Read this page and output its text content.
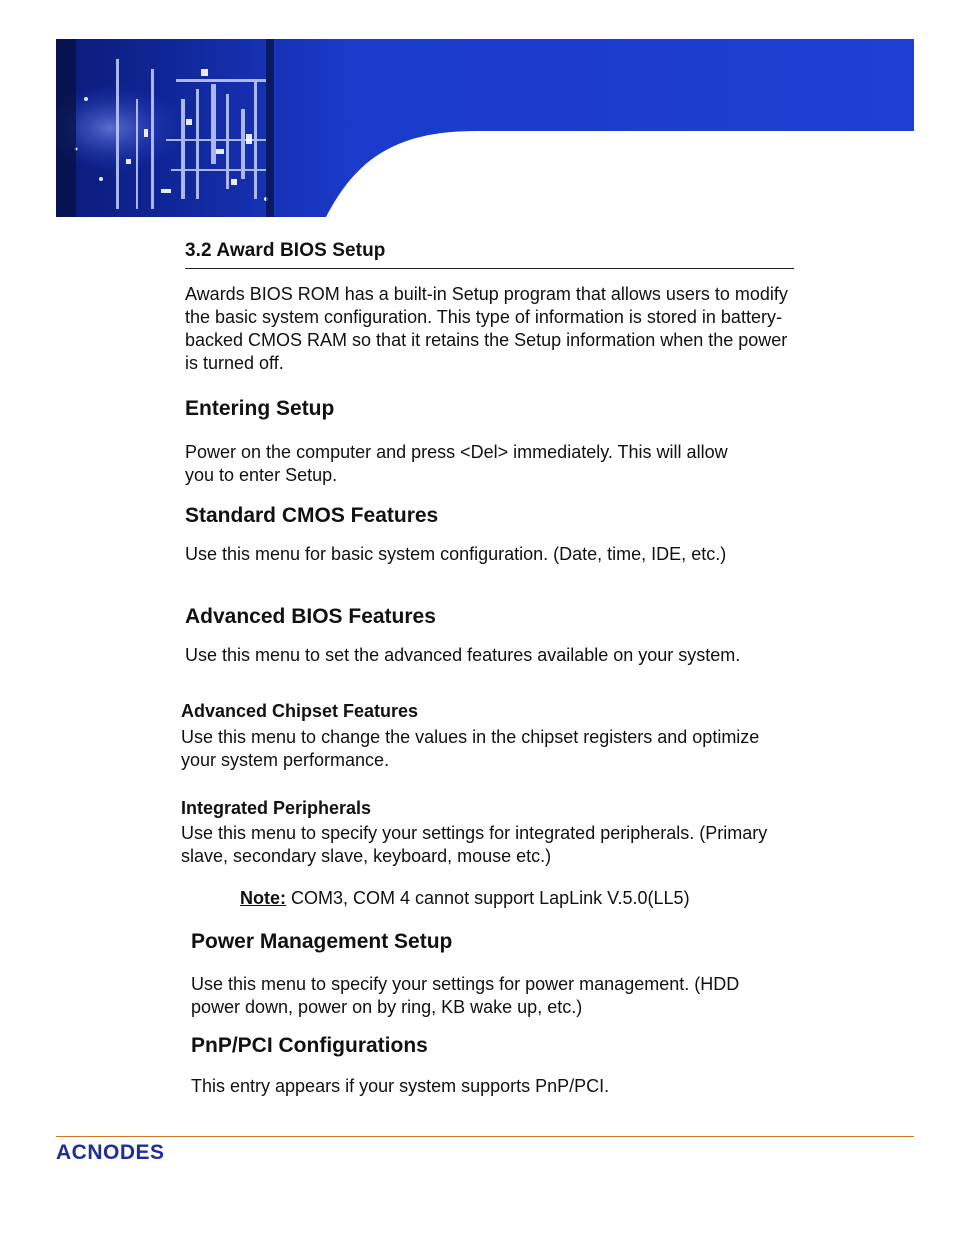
3.2 Award BIOS Setup

Awards BIOS ROM has a built-in Setup program that allows users to modify the basic system configuration. This type of information is stored in battery-backed CMOS RAM so that it retains the Setup information when the power is turned off.

Entering Setup

Power on the computer and press <Del> immediately. This will allow you to enter Setup.

Standard CMOS Features

Use this menu for basic system configuration. (Date, time, IDE, etc.)

Advanced BIOS Features

Use this menu to set the advanced features available on your system.

Advanced Chipset Features

Use this menu to change the values in the chipset registers and optimize your system performance.

Integrated Peripherals

Use this menu to specify your settings for integrated peripherals. (Primary slave, secondary slave, keyboard, mouse etc.)

Note: COM3, COM 4 cannot support LapLink V.5.0(LL5)
Power Management Setup

Use this menu to specify your settings for power management. (HDD power down, power on by ring, KB wake up, etc.)

PnP/PCI Configurations

This entry appears if your system supports PnP/PCI.

ACNODES
